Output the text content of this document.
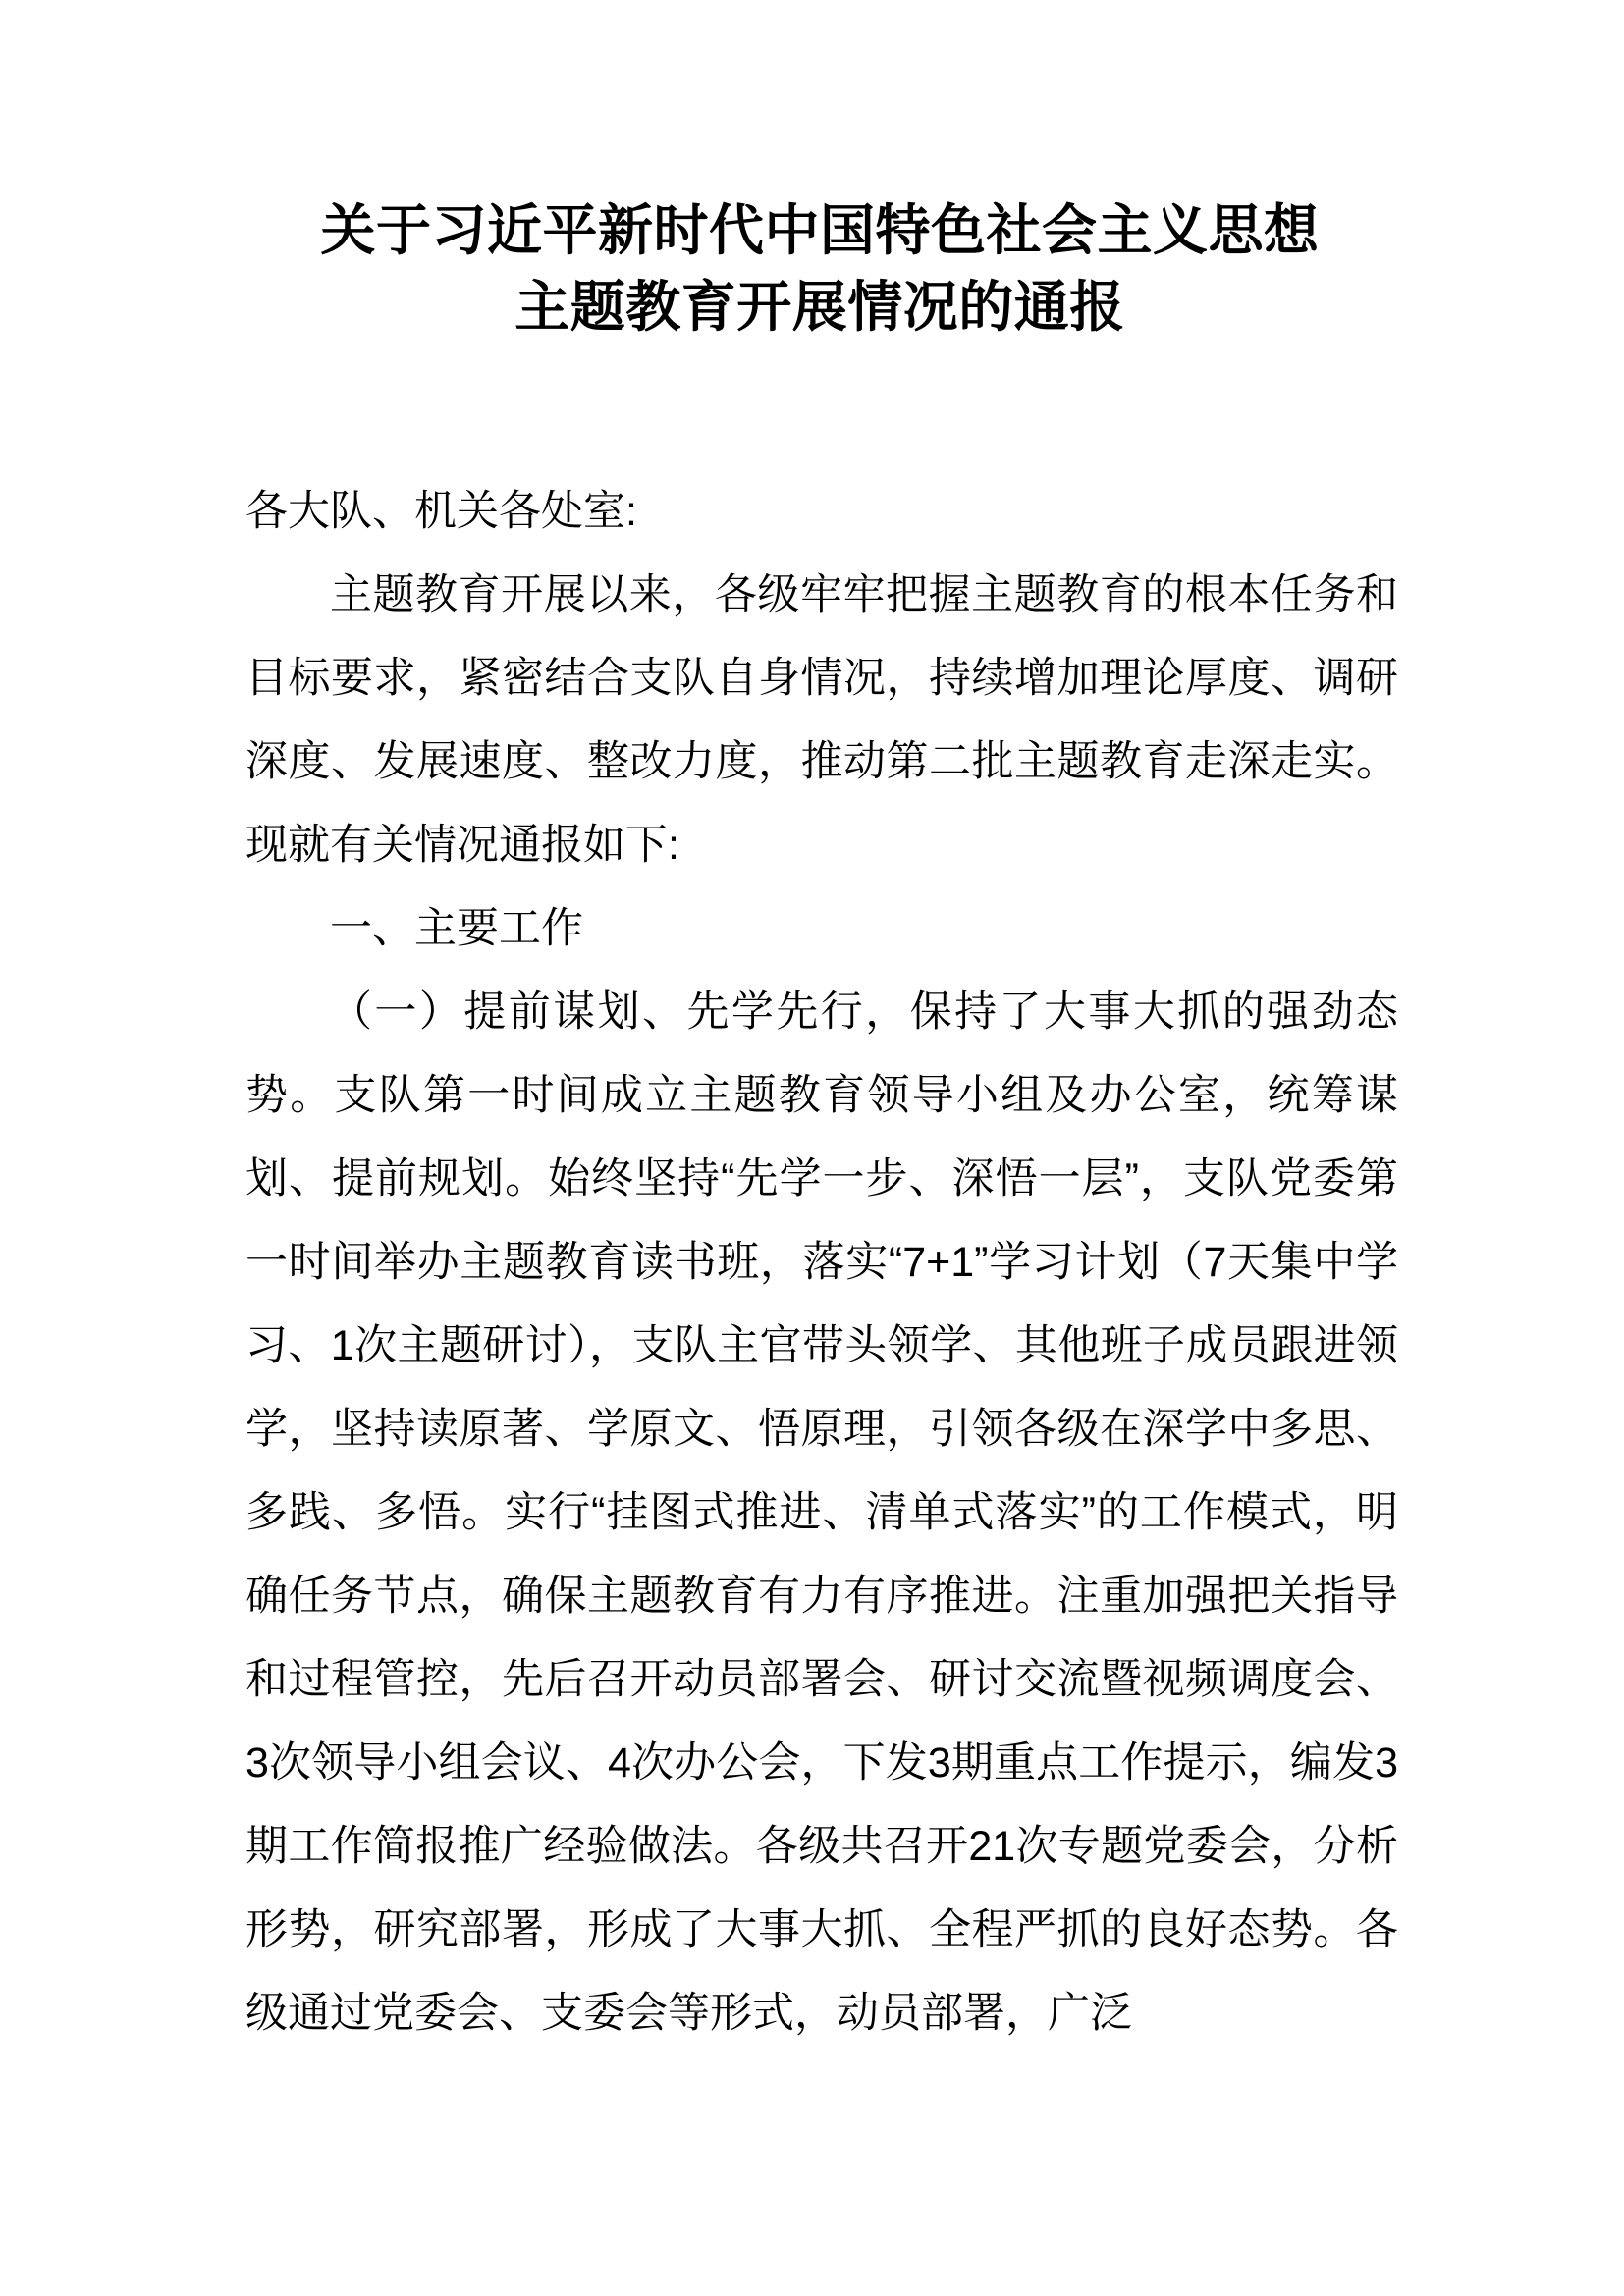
关于习近平新时代中国特色社会主义思想
主题教育开展情况的通报

各大队、机关各处室:

主题教育开展以来，各级牢牢把握主题教育的根本任务和目标要求，紧密结合支队自身情况，持续增加理论厚度、调研深度、发展速度、整改力度，推动第二批主题教育走深走实。现就有关情况通报如下:

一、主要工作

（一）提前谋划、先学先行，保持了大事大抓的强劲态势。支队第一时间成立主题教育领导小组及办公室，统筹谋划、提前规划。始终坚持“先学一步、深悟一层”，支队党委第一时间举办主题教育读书班，落实“7+1”学习计划（7天集中学习、1次主题研讨），支队主官带头领学、其他班子成员跟进领学，坚持读原著、学原文、悟原理，引领各级在深学中多思、多践、多悟。实行“挂图式推进、清单式落实”的工作模式，明确任务节点，确保主题教育有力有序推进。注重加强把关指导和过程管控，先后召开动员部署会、研讨交流暨视频调度会、3次领导小组会议、4次办公会，下发3期重点工作提示，编发3期工作简报推广经验做法。各级共召开21次专题党委会，分析形势，研究部署，形成了大事大抓、全程严抓的良好态势。各级通过党委会、支委会等形式，动员部署，广泛
